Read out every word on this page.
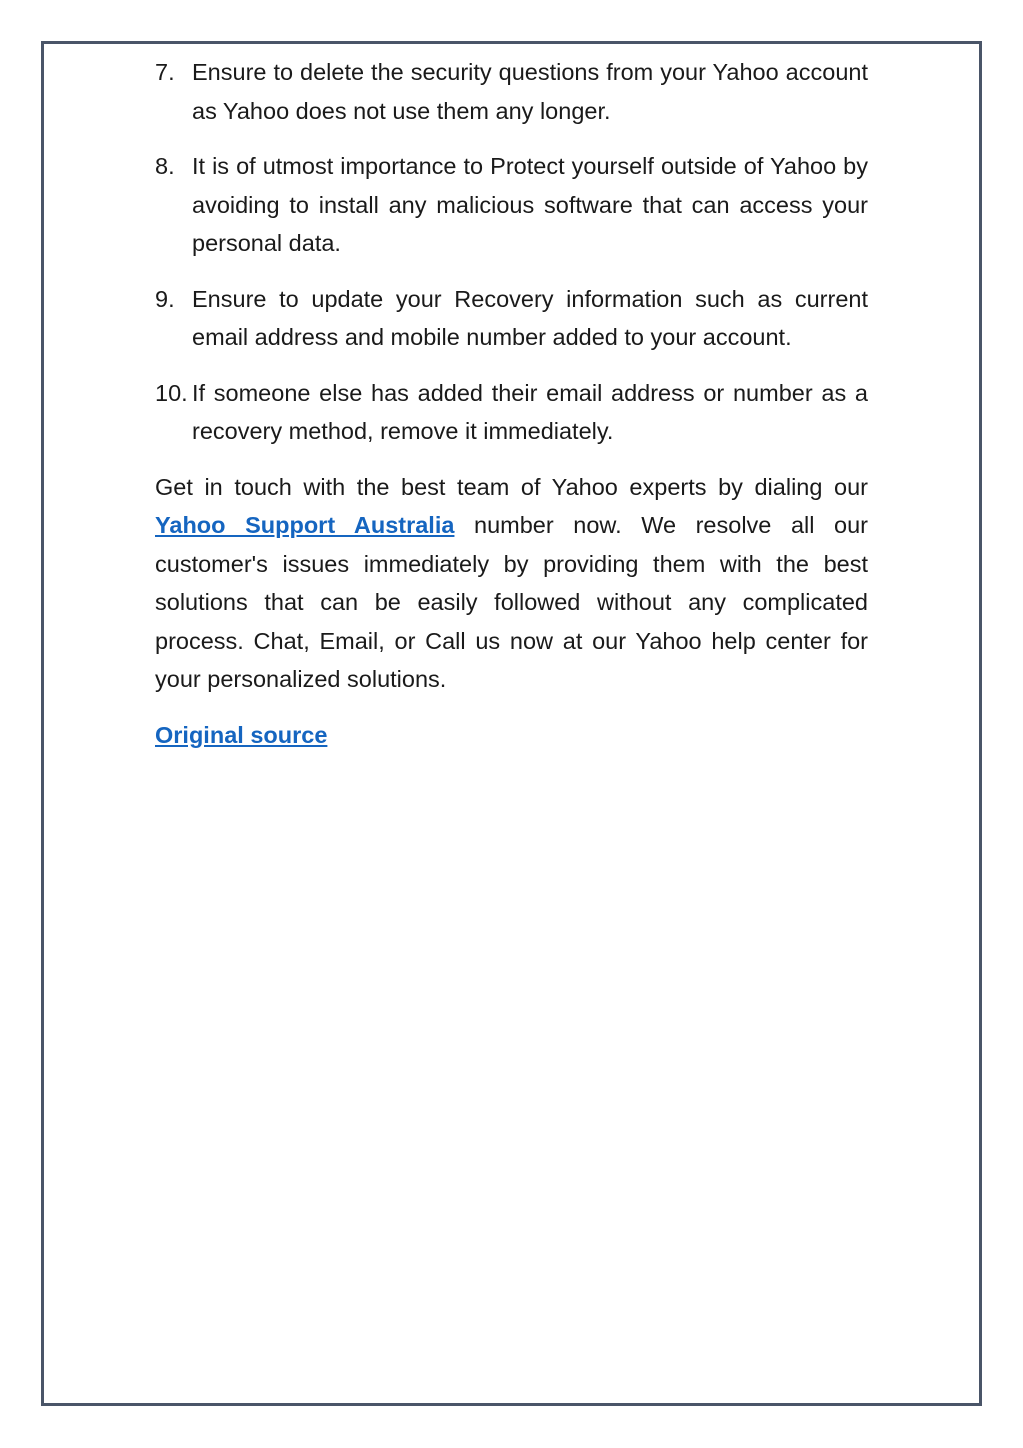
7. Ensure to delete the security questions from your Yahoo account as Yahoo does not use them any longer.
8. It is of utmost importance to Protect yourself outside of Yahoo by avoiding to install any malicious software that can access your personal data.
9. Ensure to update your Recovery information such as current email address and mobile number added to your account.
10. If someone else has added their email address or number as a recovery method, remove it immediately.

Get in touch with the best team of Yahoo experts by dialing our Yahoo Support Australia number now. We resolve all our customer's issues immediately by providing them with the best solutions that can be easily followed without any complicated process. Chat, Email, or Call us now at our Yahoo help center for your personalized solutions.

Original source
